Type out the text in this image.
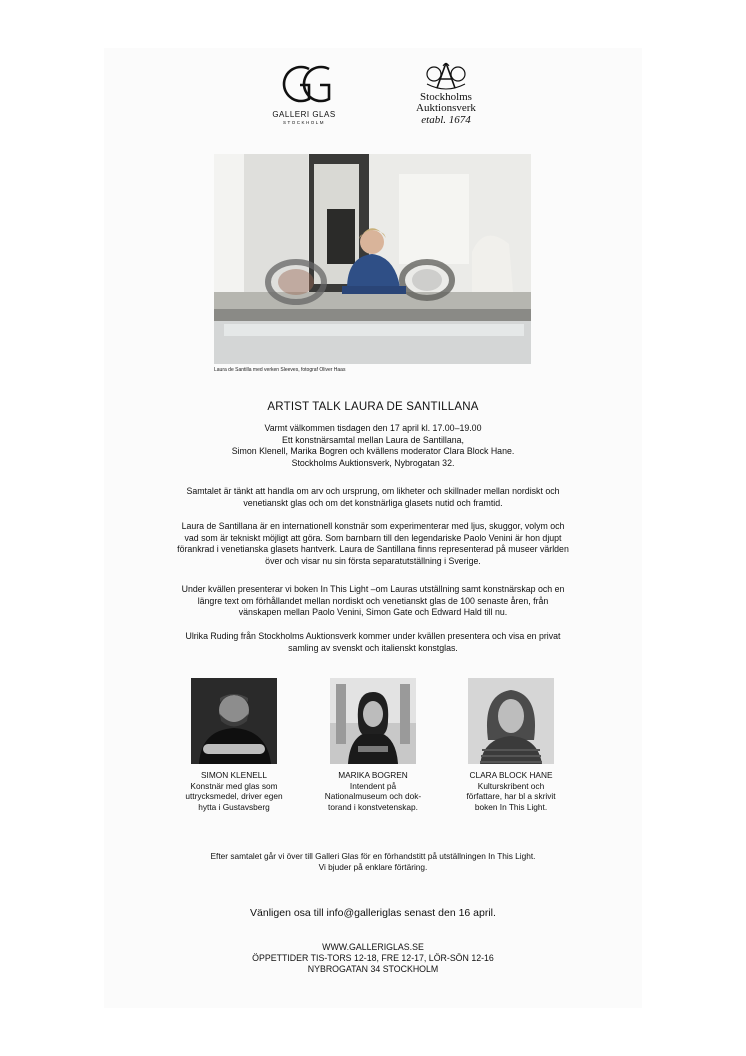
GALLERI GLAS
STOCKHOLM
Stockholms
Auktionsverk
etabl. 1674
Laura de Santilla med verken Sleeves, fotograf Oliver Haas
ARTIST TALK LAURA DE SANTILLANA
Varmt välkommen tisdagen den 17 april kl. 17.00–19.00
Ett konstnärsamtal mellan Laura de Santillana,
Simon Klenell, Marika Bogren och kvällens moderator Clara Block Hane.
Stockholms Auktionsverk, Nybrogatan 32.
Samtalet är tänkt att handla om arv och ursprung, om likheter och skillnader mellan nordiskt och
venetianskt glas och om det konstnärliga glasets nutid och framtid.
Laura de Santillana är en internationell konstnär som experimenterar med ljus, skuggor, volym och
vad som är tekniskt möjligt att göra. Som barnbarn till den legendariske Paolo Venini är hon djupt
förankrad i venetianska glasets hantverk. Laura de Santillana finns representerad på museer världen
över och visar nu sin första separatutställning i Sverige.
Under kvällen presenterar vi boken In This Light –om Lauras utställning samt konstnärskap och en
längre text om förhållandet mellan nordiskt och venetianskt glas de 100 senaste åren, från
vänskapen mellan Paolo Venini, Simon Gate och Edward Hald till nu.
Ulrika Ruding från Stockholms Auktionsverk kommer under kvällen presentera och visa en privat
samling av svenskt och italienskt konstglas.
SIMON KLENELL
Konstnär med glas som
uttrycksmedel, driver egen
hytta i Gustavsberg
MARIKA BOGREN
Intendent på
Nationalmuseum och dok-
torand i konstvetenskap.
CLARA BLOCK HANE
Kulturskribent och
författare, har bl a skrivit
boken In This Light.
Efter samtalet går vi över till Galleri Glas för en förhandstitt på utställningen In This Light.
Vi bjuder på enklare förtäring.
Vänligen osa till info@galleriglas senast den 16 april.
WWW.GALLERIGLAS.SE
ÖPPETTIDER TIS-TORS 12-18, FRE 12-17, LÖR-SÖN 12-16
NYBROGATAN 34 STOCKHOLM
